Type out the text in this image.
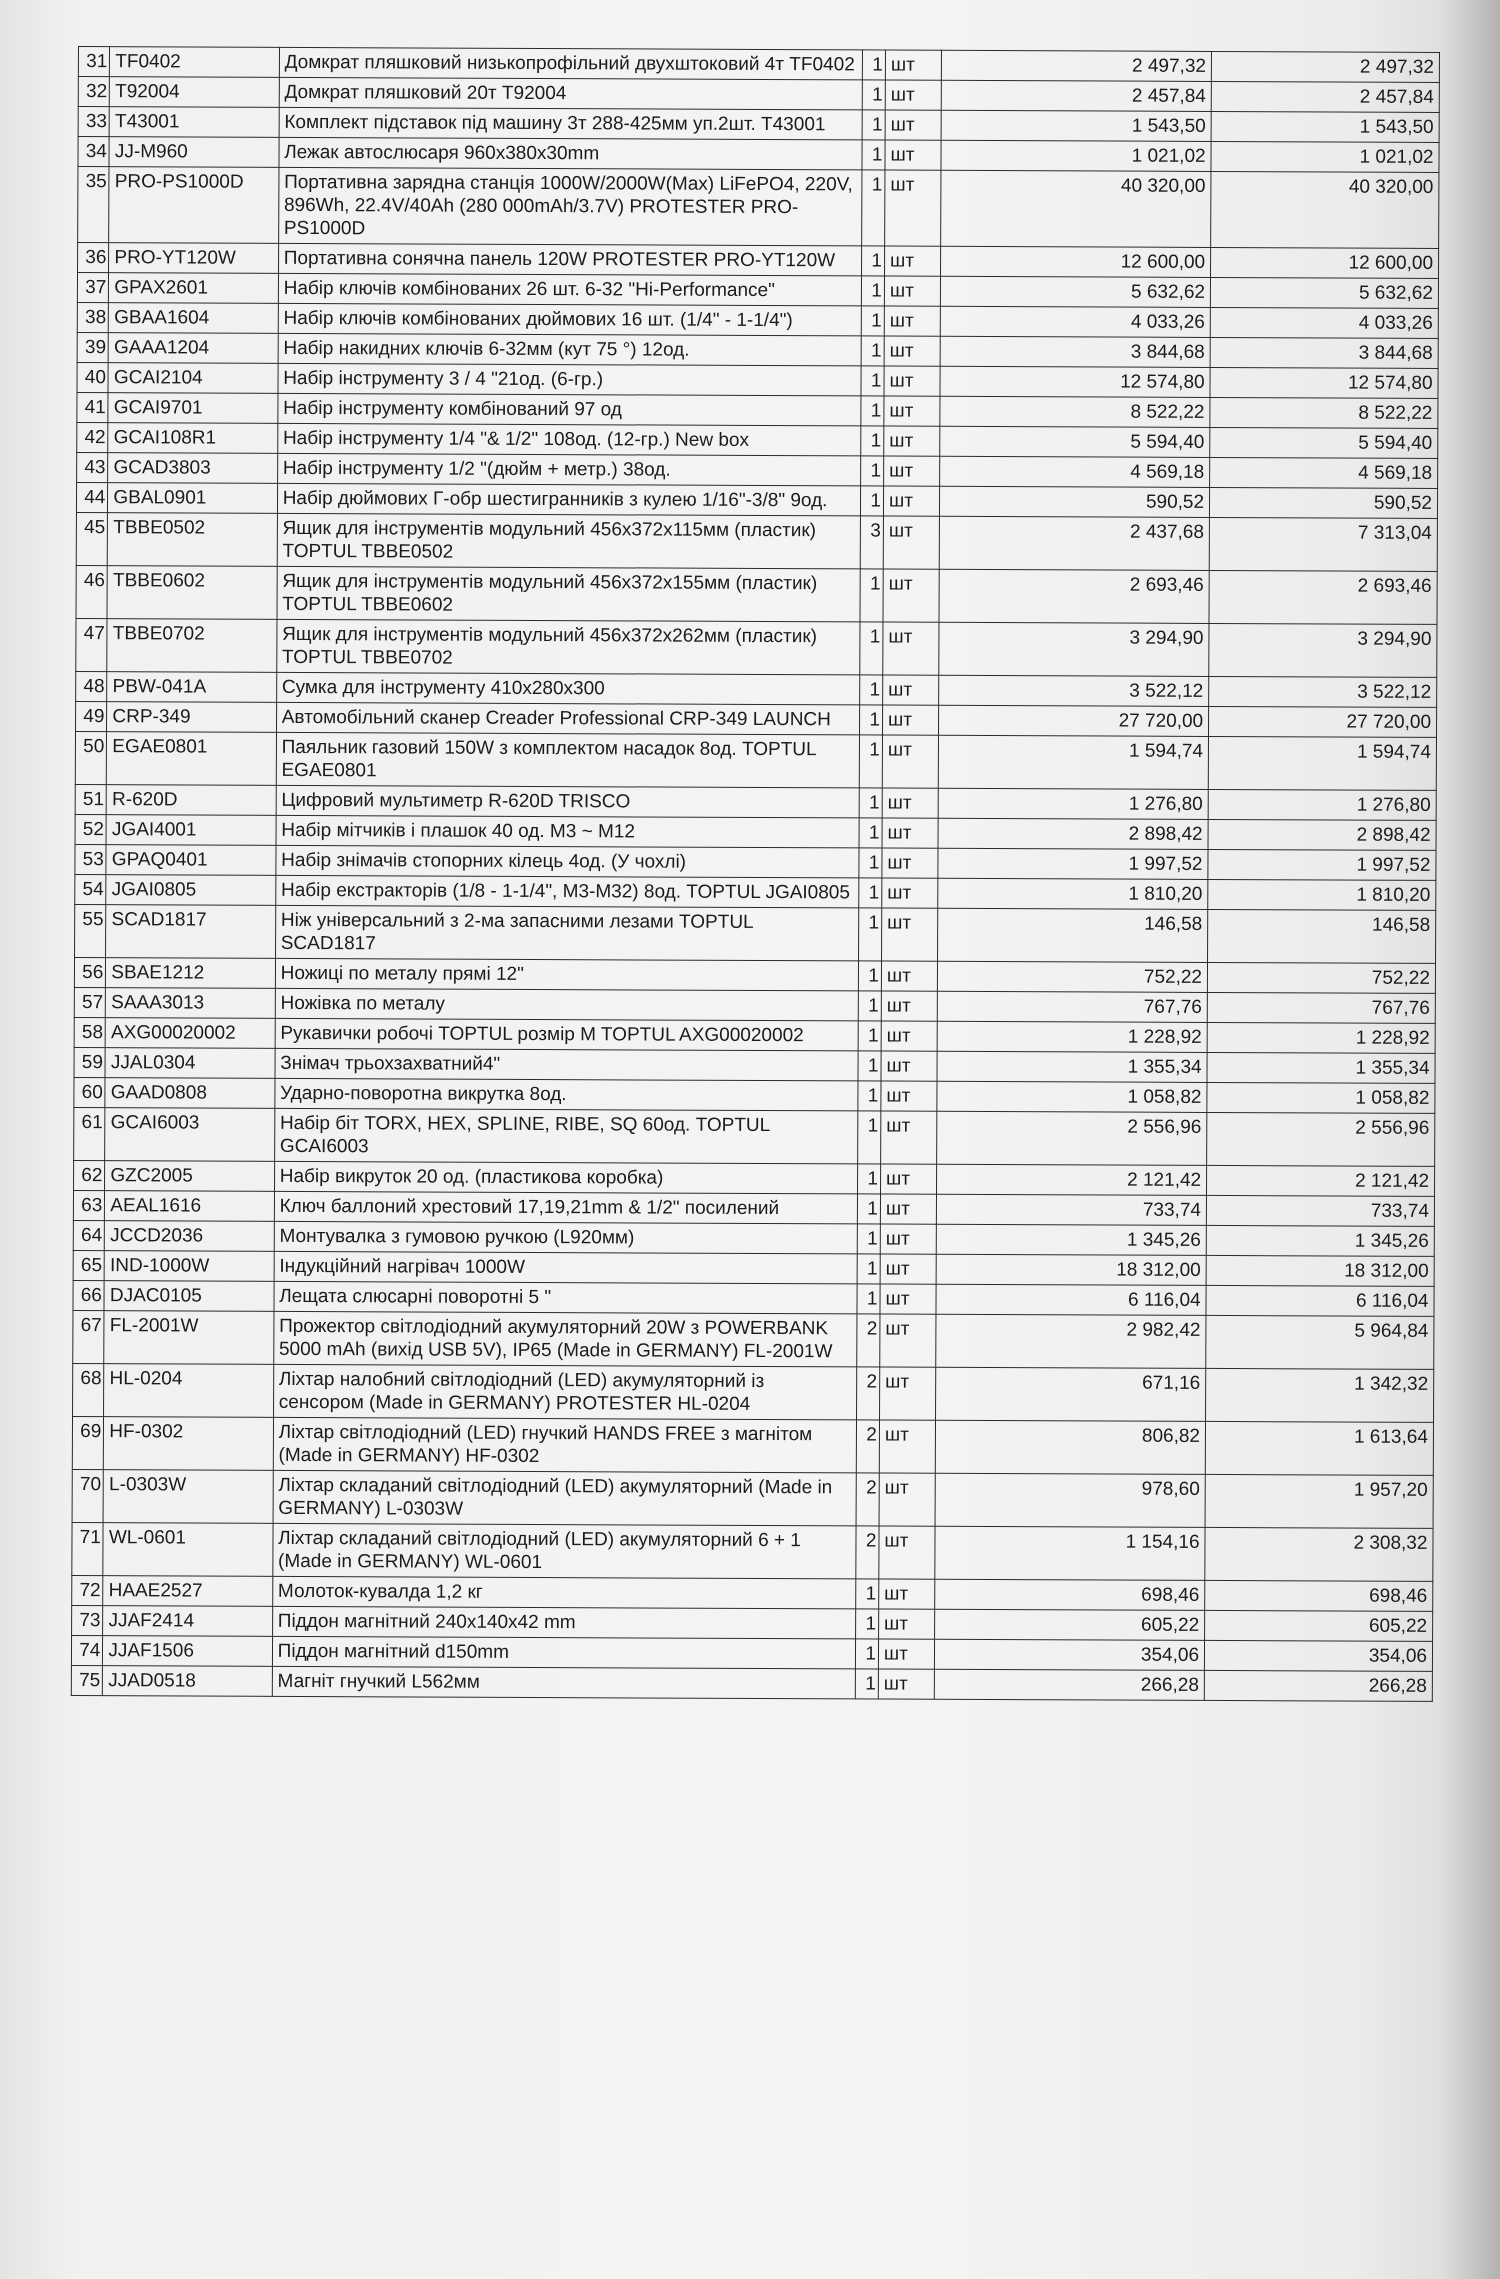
31	TF0402	Домкрат пляшковий низькопрофільний двухштоковий 4т TF0402	1	шт	2 497,32	2 497,32
32	T92004	Домкрат пляшковий 20т T92004	1	шт	2 457,84	2 457,84
33	T43001	Комплект підставок під машину 3т 288-425мм уп.2шт. T43001	1	шт	1 543,50	1 543,50
34	JJ-M960	Лежак автослюсаря 960х380х30mm	1	шт	1 021,02	1 021,02
35	PRO-PS1000D	Портативна зарядна станція 1000W/2000W(Max) LiFePO4, 220V, 896Wh, 22.4V/40Ah (280 000mAh/3.7V) PROTESTER PRO-PS1000D	1	шт	40 320,00	40 320,00
36	PRO-YT120W	Портативна сонячна панель 120W PROTESTER PRO-YT120W	1	шт	12 600,00	12 600,00
37	GPAX2601	Набір ключів комбінованих 26 шт. 6-32 "Hi-Performance"	1	шт	5 632,62	5 632,62
38	GBAA1604	Набір ключів комбінованих дюймових 16 шт. (1/4" - 1-1/4")	1	шт	4 033,26	4 033,26
39	GAAA1204	Набір накидних ключів 6-32мм (кут 75 °) 12од.	1	шт	3 844,68	3 844,68
40	GCAI2104	Набір інструменту 3 / 4 "21од. (6-гр.)	1	шт	12 574,80	12 574,80
41	GCAI9701	Набір інструменту комбінований 97 од	1	шт	8 522,22	8 522,22
42	GCAI108R1	Набір інструменту 1/4 "& 1/2" 108од. (12-гр.) New box	1	шт	5 594,40	5 594,40
43	GCAD3803	Набір інструменту 1/2 "(дюйм + метр.) 38од.	1	шт	4 569,18	4 569,18
44	GBAL0901	Набір дюймових Г-обр шестигранників з кулею 1/16"-3/8" 9од.	1	шт	590,52	590,52
45	TBBE0502	Ящик для інструментів модульний 456х372х115мм (пластик) TOPTUL TBBE0502	3	шт	2 437,68	7 313,04
46	TBBE0602	Ящик для інструментів модульний 456х372х155мм (пластик) TOPTUL TBBE0602	1	шт	2 693,46	2 693,46
47	TBBE0702	Ящик для інструментів модульний 456х372х262мм (пластик) TOPTUL TBBE0702	1	шт	3 294,90	3 294,90
48	PBW-041A	Сумка для інструменту 410х280х300	1	шт	3 522,12	3 522,12
49	CRP-349	Автомобільний сканер Creader Professional CRP-349 LAUNCH	1	шт	27 720,00	27 720,00
50	EGAE0801	Паяльник газовий 150W з комплектом насадок 8од. TOPTUL EGAE0801	1	шт	1 594,74	1 594,74
51	R-620D	Цифровий мультиметр R-620D TRISCO	1	шт	1 276,80	1 276,80
52	JGAI4001	Набір мітчиків і плашок 40 од. М3 ~ М12	1	шт	2 898,42	2 898,42
53	GPAQ0401	Набір знімачів стопорних кілець 4од. (У чохлі)	1	шт	1 997,52	1 997,52
54	JGAI0805	Набір екстракторів (1/8 - 1-1/4", М3-М32) 8од. TOPTUL JGAI0805	1	шт	1 810,20	1 810,20
55	SCAD1817	Ніж універсальний з 2-ма запасними лезами TOPTUL SCAD1817	1	шт	146,58	146,58
56	SBAE1212	Ножиці по металу прямі 12"	1	шт	752,22	752,22
57	SAAA3013	Ножівка по металу	1	шт	767,76	767,76
58	AXG00020002	Рукавички робочі TOPTUL розмір M TOPTUL AXG00020002	1	шт	1 228,92	1 228,92
59	JJAL0304	Знімач трьохзахватний4"	1	шт	1 355,34	1 355,34
60	GAAD0808	Ударно-поворотна викрутка 8од.	1	шт	1 058,82	1 058,82
61	GCAI6003	Набір біт TORX, HEX, SPLINE, RIBE, SQ 60од. TOPTUL GCAI6003	1	шт	2 556,96	2 556,96
62	GZC2005	Набір викруток 20 од. (пластикова коробка)	1	шт	2 121,42	2 121,42
63	AEAL1616	Ключ баллоний хрестовий 17,19,21mm & 1/2" посилений	1	шт	733,74	733,74
64	JCCD2036	Монтувалка з гумовою ручкою (L920мм)	1	шт	1 345,26	1 345,26
65	IND-1000W	Індукційний нагрівач 1000W	1	шт	18 312,00	18 312,00
66	DJAC0105	Лещата слюсарні поворотні 5 "	1	шт	6 116,04	6 116,04
67	FL-2001W	Прожектор світлодіодний акумуляторний 20W з POWERBANK 5000 mAh (вихід USB 5V), IP65 (Made in GERMANY) FL-2001W	2	шт	2 982,42	5 964,84
68	HL-0204	Ліхтар налобний світлодіодний (LED) акумуляторний із сенсором (Made in GERMANY) PROTESTER HL-0204	2	шт	671,16	1 342,32
69	HF-0302	Ліхтар світлодіодний (LED) гнучкий HANDS FREE з магнітом (Made in GERMANY) HF-0302	2	шт	806,82	1 613,64
70	L-0303W	Ліхтар складаний світлодіодний (LED) акумуляторний (Made in GERMANY) L-0303W	2	шт	978,60	1 957,20
71	WL-0601	Ліхтар складаний світлодіодний (LED) акумуляторний 6 + 1 (Made in GERMANY) WL-0601	2	шт	1 154,16	2 308,32
72	HAAE2527	Молоток-кувалда 1,2 кг	1	шт	698,46	698,46
73	JJAF2414	Піддон магнітний 240х140х42 mm	1	шт	605,22	605,22
74	JJAF1506	Піддон магнітний d150mm	1	шт	354,06	354,06
75	JJAD0518	Магніт гнучкий L562мм	1	шт	266,28	266,28
